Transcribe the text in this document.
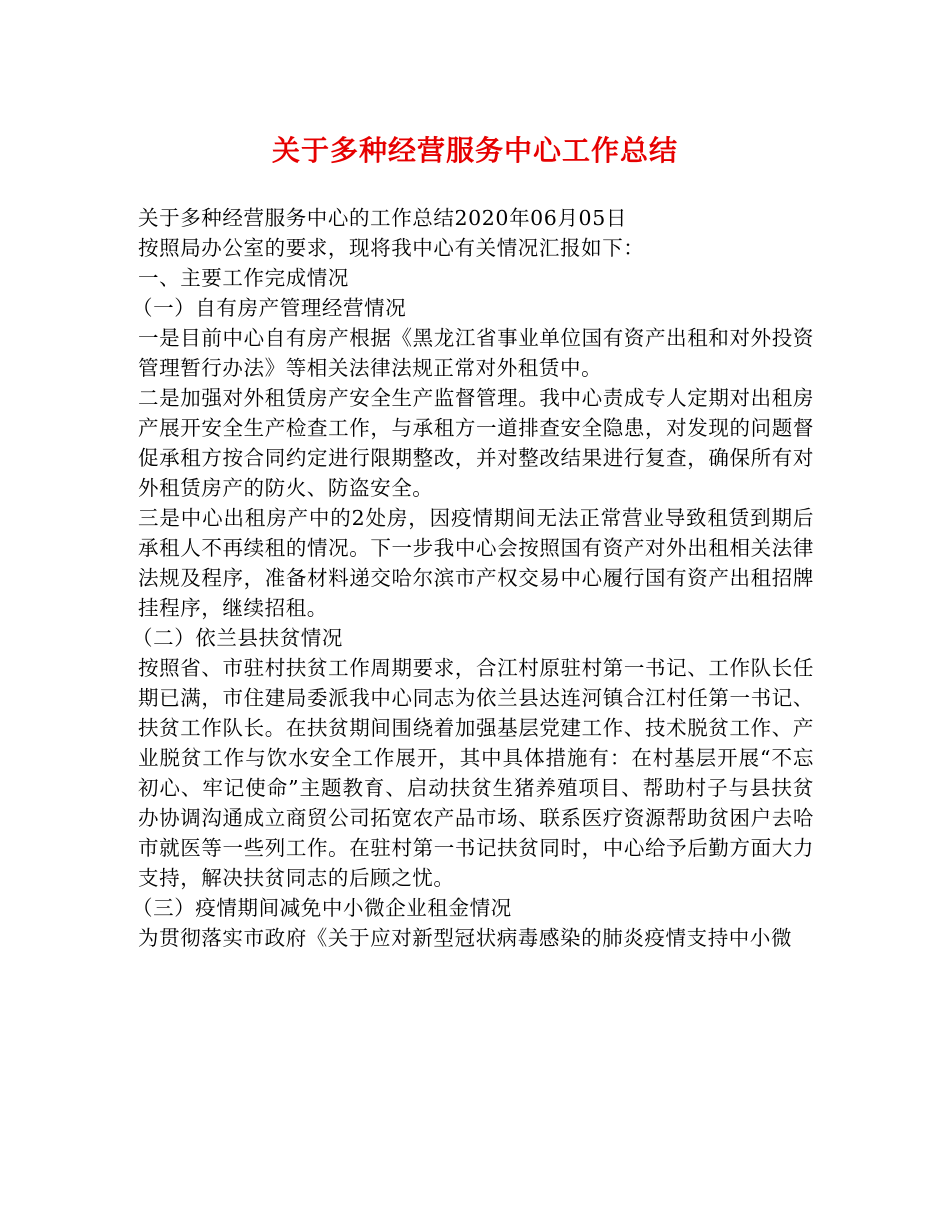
关于多种经营服务中心工作总结

关于多种经营服务中心的工作总结2020年06月05日

按照局办公室的要求，现将我中心有关情况汇报如下：

一、主要工作完成情况

（一）自有房产管理经营情况

一是目前中心自有房产根据《黑龙江省事业单位国有资产出租和对外投资管理暂行办法》等相关法律法规正常对外租赁中。

二是加强对外租赁房产安全生产监督管理。我中心责成专人定期对出租房产展开安全生产检查工作，与承租方一道排查安全隐患，对发现的问题督促承租方按合同约定进行限期整改，并对整改结果进行复查，确保所有对外租赁房产的防火、防盗安全。

三是中心出租房产中的2处房，因疫情期间无法正常营业导致租赁到期后承租人不再续租的情况。下一步我中心会按照国有资产对外出租相关法律法规及程序，准备材料递交哈尔滨市产权交易中心履行国有资产出租招牌挂程序，继续招租。

（二）依兰县扶贫情况

按照省、市驻村扶贫工作周期要求，合江村原驻村第一书记、工作队长任期已满，市住建局委派我中心同志为依兰县达连河镇合江村任第一书记、扶贫工作队长。在扶贫期间围绕着加强基层党建工作、技术脱贫工作、产业脱贫工作与饮水安全工作展开，其中具体措施有：在村基层开展“不忘初心、牢记使命”主题教育、启动扶贫生猪养殖项目、帮助村子与县扶贫办协调沟通成立商贸公司拓宽农产品市场、联系医疗资源帮助贫困户去哈市就医等一些列工作。在驻村第一书记扶贫同时，中心给予后勤方面大力支持，解决扶贫同志的后顾之忧。

（三）疫情期间减免中小微企业租金情况

为贯彻落实市政府《关于应对新型冠状病毒感染的肺炎疫情支持中小微
